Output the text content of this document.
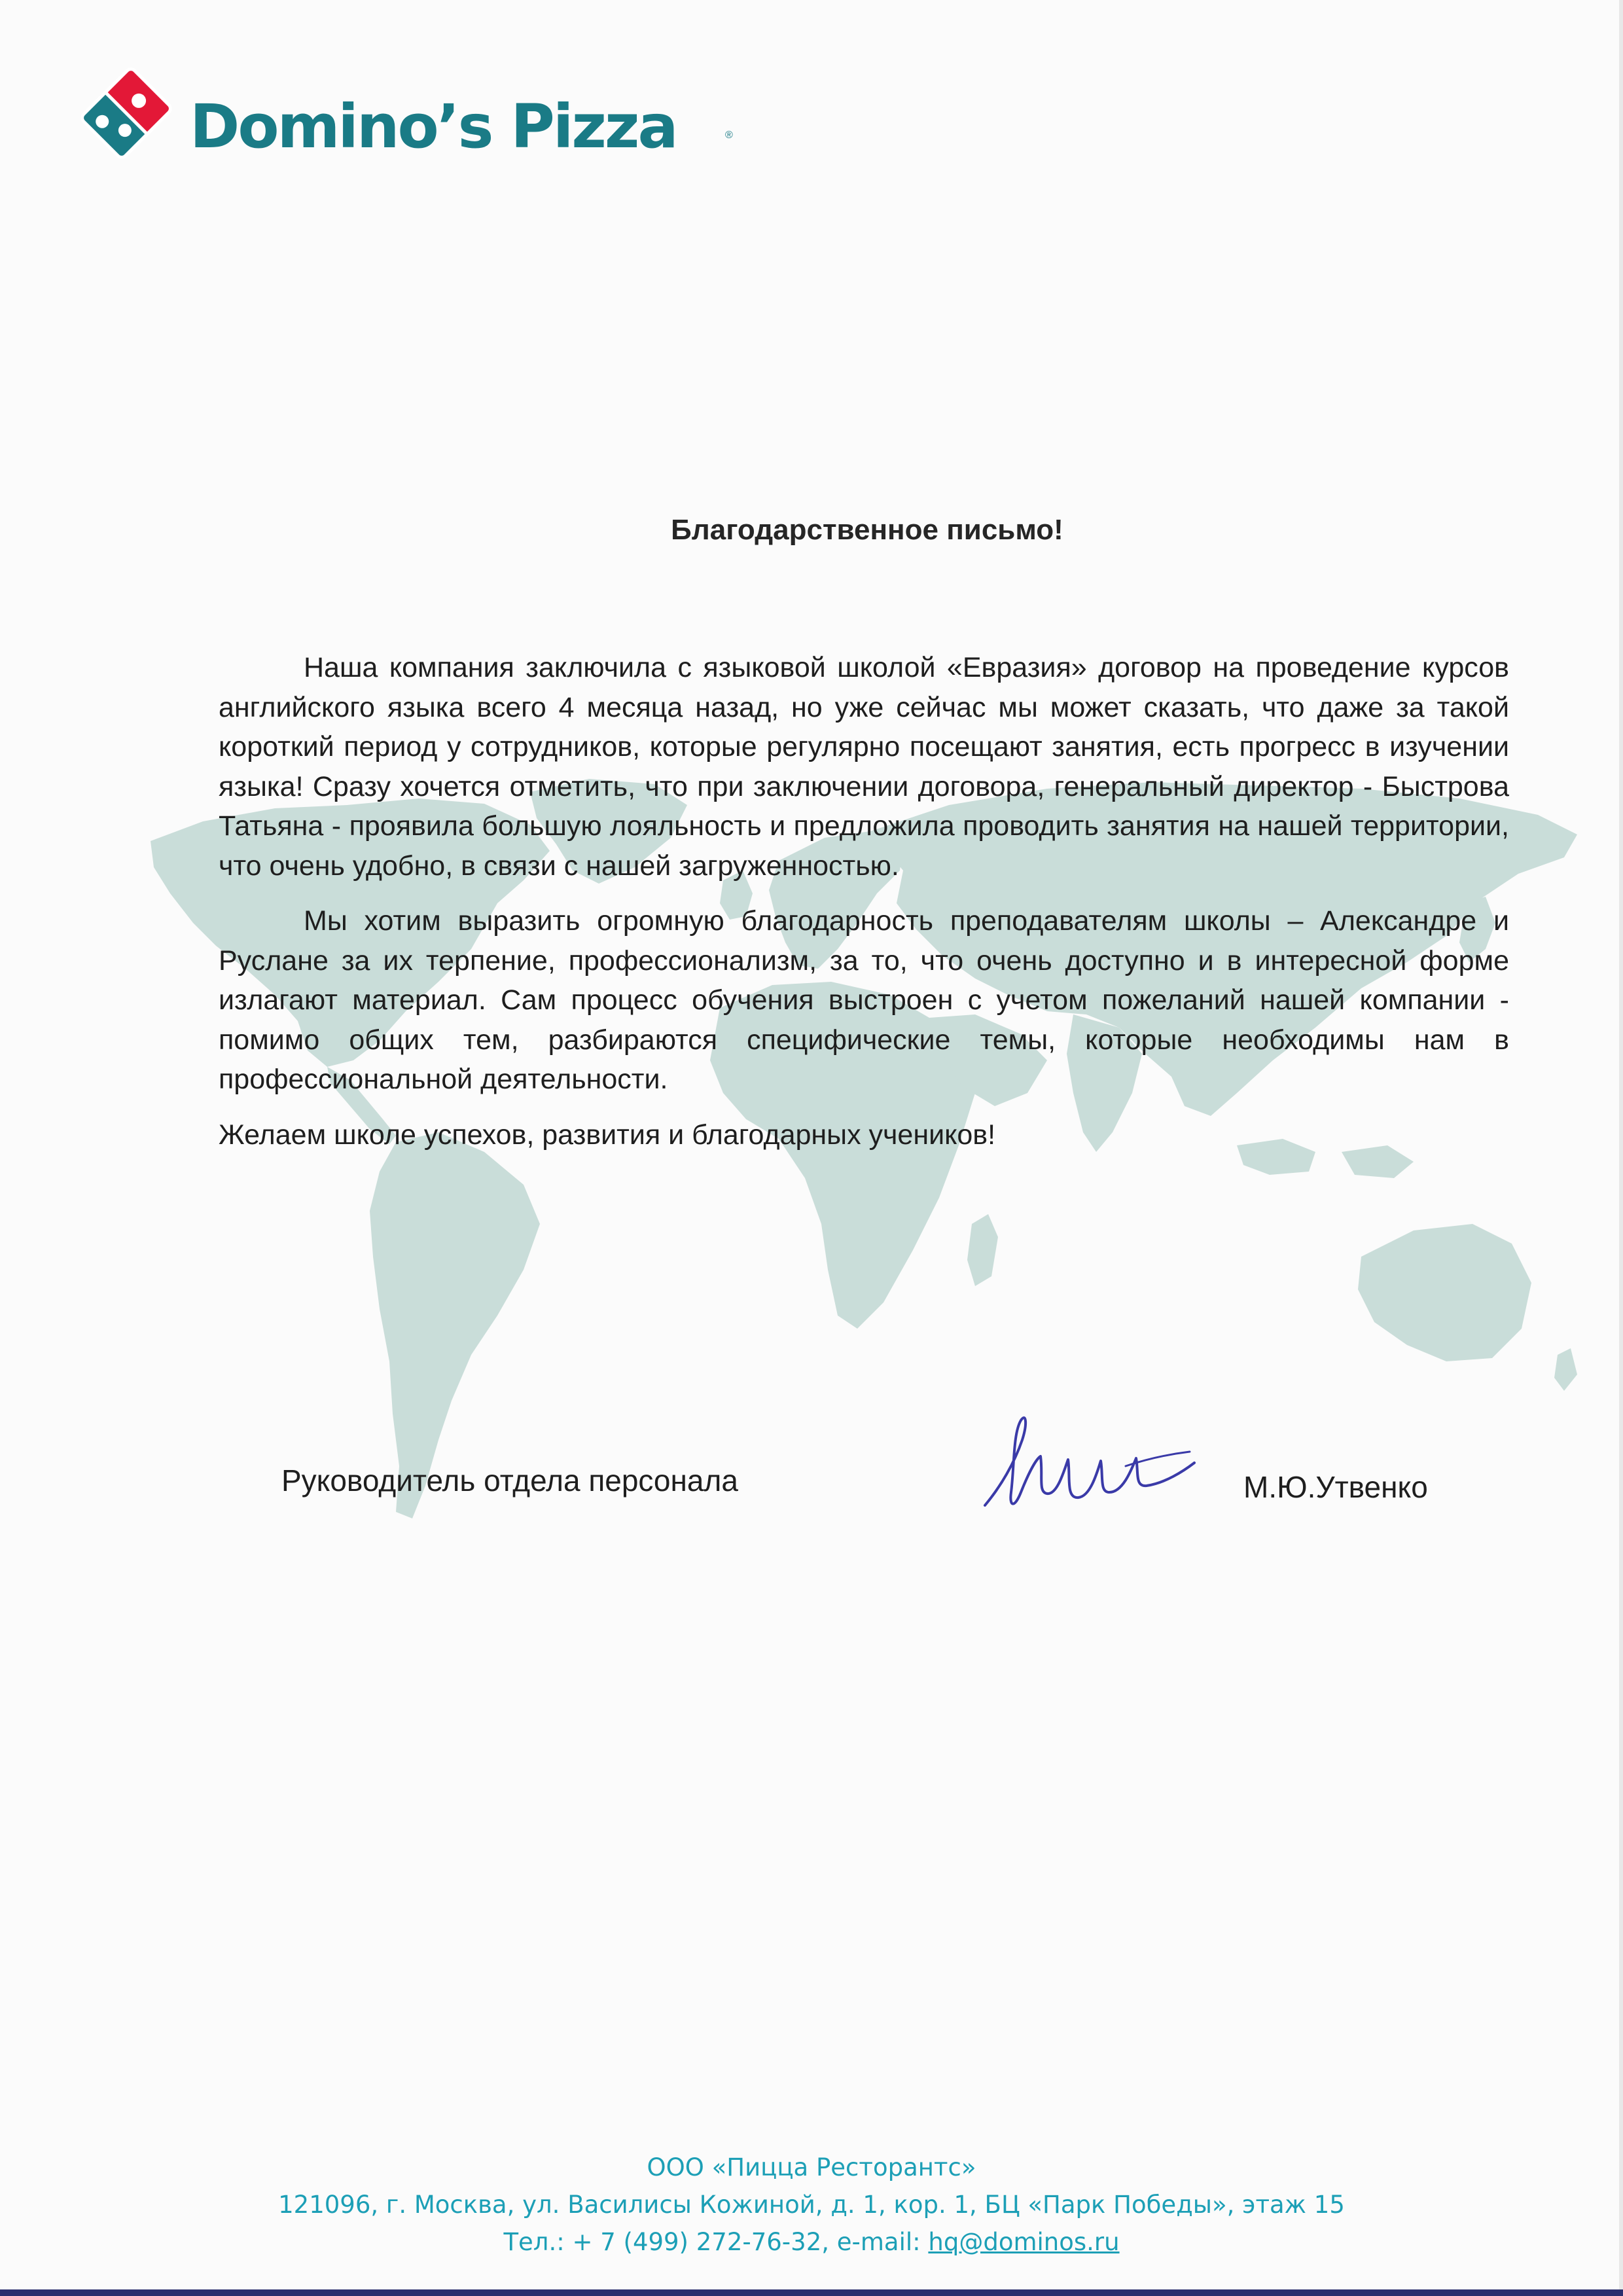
Domino’s Pizza	®
Благодарственное письмо!

Наша компания заключила с языковой школой «Евразия» договор на проведение курсов английского языка всего 4 месяца назад, но уже сейчас мы может сказать, что даже за такой короткий период у сотрудников, которые регулярно посещают занятия, есть прогресс в изучении языка! Сразу хочется отметить, что при заключении договора, генеральный директор - Быстрова Татьяна - проявила большую лояльность и предложила проводить занятия на нашей территории, что очень удобно, в связи с нашей загруженностью.

Мы хотим выразить огромную благодарность преподавателям школы – Александре и Руслане за их терпение, профессионализм, за то, что очень доступно и в интересной форме излагают материал. Сам процесс обучения выстроен с учетом пожеланий нашей компании - помимо общих тем, разбираются специфические темы, которые необходимы нам в профессиональной деятельности.

Желаем школе успехов, развития и благодарных учеников!

Руководитель отдела персонала	М.Ю.Утвенко
ООО «Пицца Ресторантс»
121096, г. Москва, ул. Василисы Кожиной, д. 1, кор. 1, БЦ «Парк Победы», этаж 15
Тел.: + 7 (499) 272-76-32, e-mail: hq@dominos.ru
